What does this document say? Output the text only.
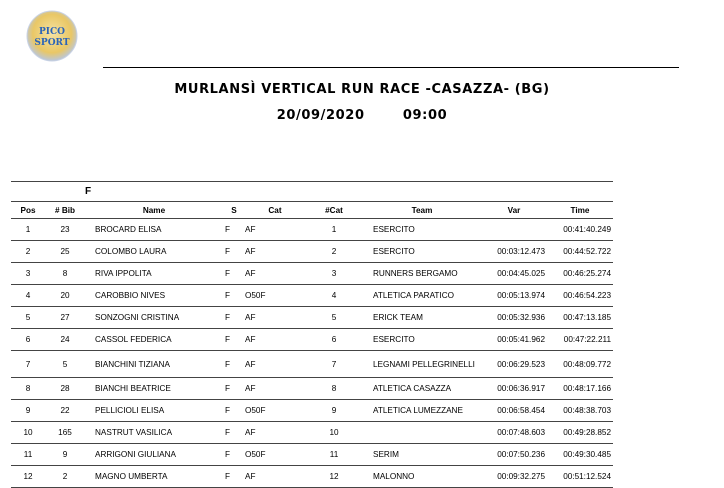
PICO
SPORT
MURLANSÌ VERTICAL RUN RACE -CASAZZA- (BG)
20/09/2020	09:00
		F						
Pos	# Bib	Name	S	Cat	#Cat	Team	Var	Time
1	23	BROCARD ELISA	F	AF	1	ESERCITO		00:41:40.249
2	25	COLOMBO LAURA	F	AF	2	ESERCITO	00:03:12.473	00:44:52.722
3	8	RIVA IPPOLITA	F	AF	3	RUNNERS BERGAMO	00:04:45.025	00:46:25.274
4	20	CAROBBIO NIVES	F	O50F	4	ATLETICA PARATICO	00:05:13.974	00:46:54.223
5	27	SONZOGNI CRISTINA	F	AF	5	ERICK TEAM	00:05:32.936	00:47:13.185
6	24	CASSOL FEDERICA	F	AF	6	ESERCITO	00:05:41.962	00:47:22.211
7	5	BIANCHINI TIZIANA	F	AF	7	LEGNAMI PELLEGRINELLI	00:06:29.523	00:48:09.772
8	28	BIANCHI BEATRICE	F	AF	8	ATLETICA CASAZZA	00:06:36.917	00:48:17.166
9	22	PELLICIOLI ELISA	F	O50F	9	ATLETICA LUMEZZANE	00:06:58.454	00:48:38.703
10	165	NASTRUT VASILICA	F	AF	10		00:07:48.603	00:49:28.852
11	9	ARRIGONI GIULIANA	F	O50F	11	SERIM	00:07:50.236	00:49:30.485
12	2	MAGNO UMBERTA	F	AF	12	MALONNO	00:09:32.275	00:51:12.524
